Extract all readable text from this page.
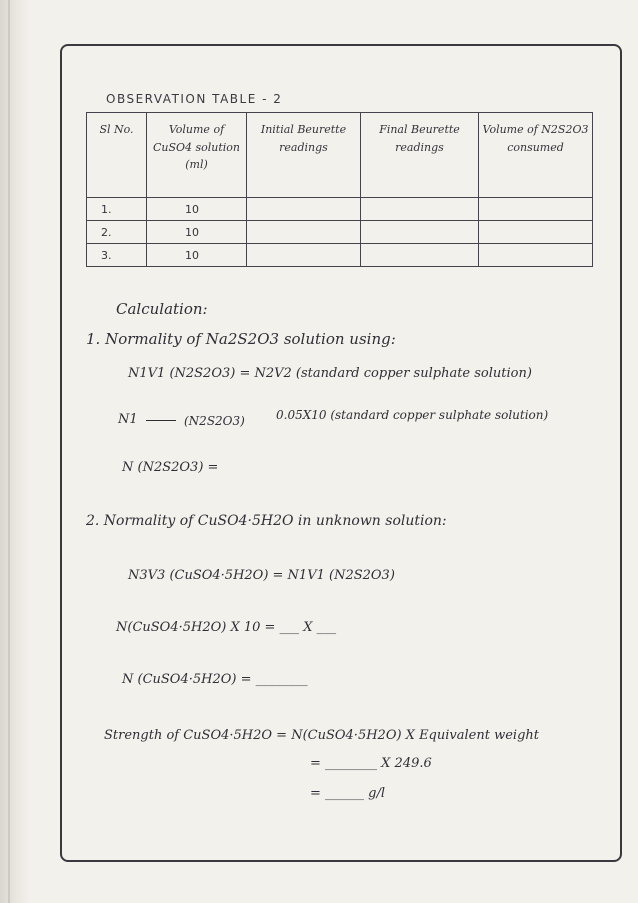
OBSERVATION TABLE - 2
Sl No.	Volume of CuSO4 solution (ml)	Initial Beurette readings	Final Beurette readings	Volume of N2S2O3 consumed
1.	10			
2.	10			
3.	10			
Calculation:
1. Normality of Na2S2O3 solution using:
N1V1 (N2S2O3) = N2V2 (standard copper sulphate solution)
N1	(N2S2O3)	0.05X10 (standard copper sulphate solution)
N (N2S2O3) =
2. Normality of CuSO4·5H2O in unknown solution:
N3V3 (CuSO4·5H2O) = N1V1 (N2S2O3)
N(CuSO4·5H2O) X 10 = ___ X ___
N (CuSO4·5H2O) = ________
Strength of CuSO4·5H2O = N(CuSO4·5H2O) X Equivalent weight
= ________ X 249.6
= ______ g/l
